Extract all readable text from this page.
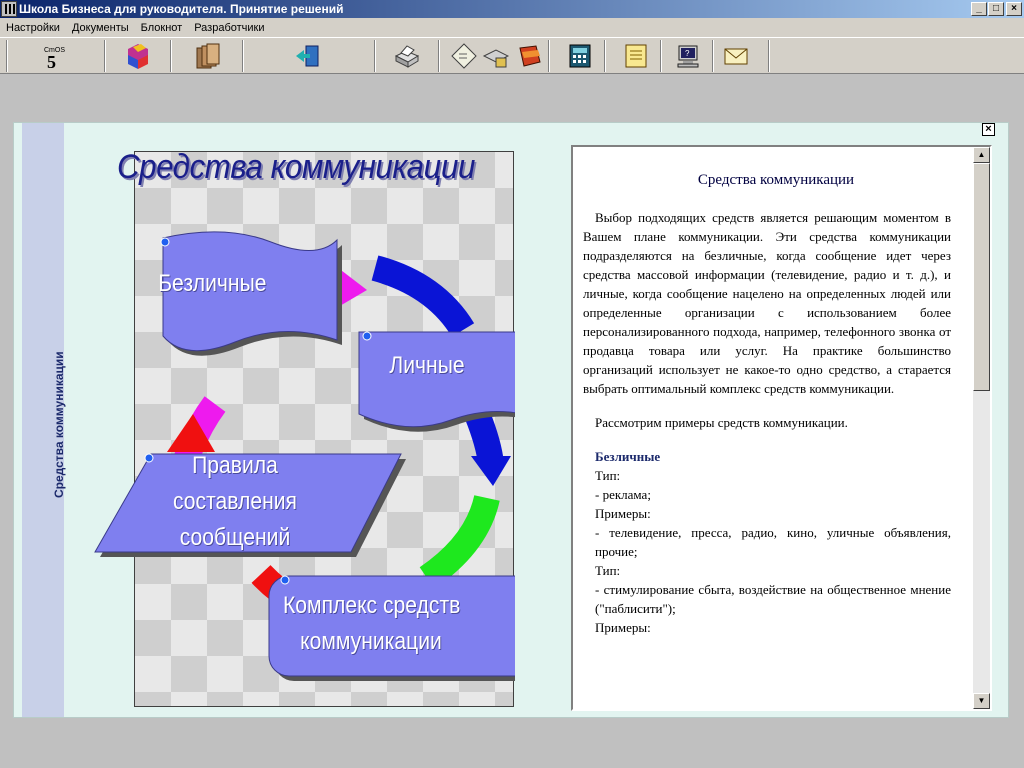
Школа Бизнеса для руководителя. Принятие решений	_	□	×
Настройки	Документы	Блокнот	Разработчики
CmOS
5	?
Средства коммуникации
×
Средства коммуникации
Безличные
Личные
Правила
составления
сообщений
Комплекс средств
коммуникации
Средства коммуникации

Выбор подходящих средств является решающим моментом в Вашем плане коммуникации. Эти средства коммуникации подразделяются на безличные, когда сообщение идет через средства массовой информации (телевидение, радио и т. д.), и личные, когда сообщение нацелено на определенных людей или определенные организации с использованием более персонализированного подхода, например, телефонного звонка от продавца товара или услуг. На практике большинство организаций использует не какое-то одно средство, а старается выбрать оптимальный комплекс средств коммуникации.

Рассмотрим примеры средств коммуникации.

Безличные
Тип:
- реклама;
Примеры:
- телевидение, пресса, радио, кино, уличные объявления, прочие;
Тип:
- стимулирование сбыта, воздействие на общественное мнение ("паблисити");
Примеры:
▲
▼
